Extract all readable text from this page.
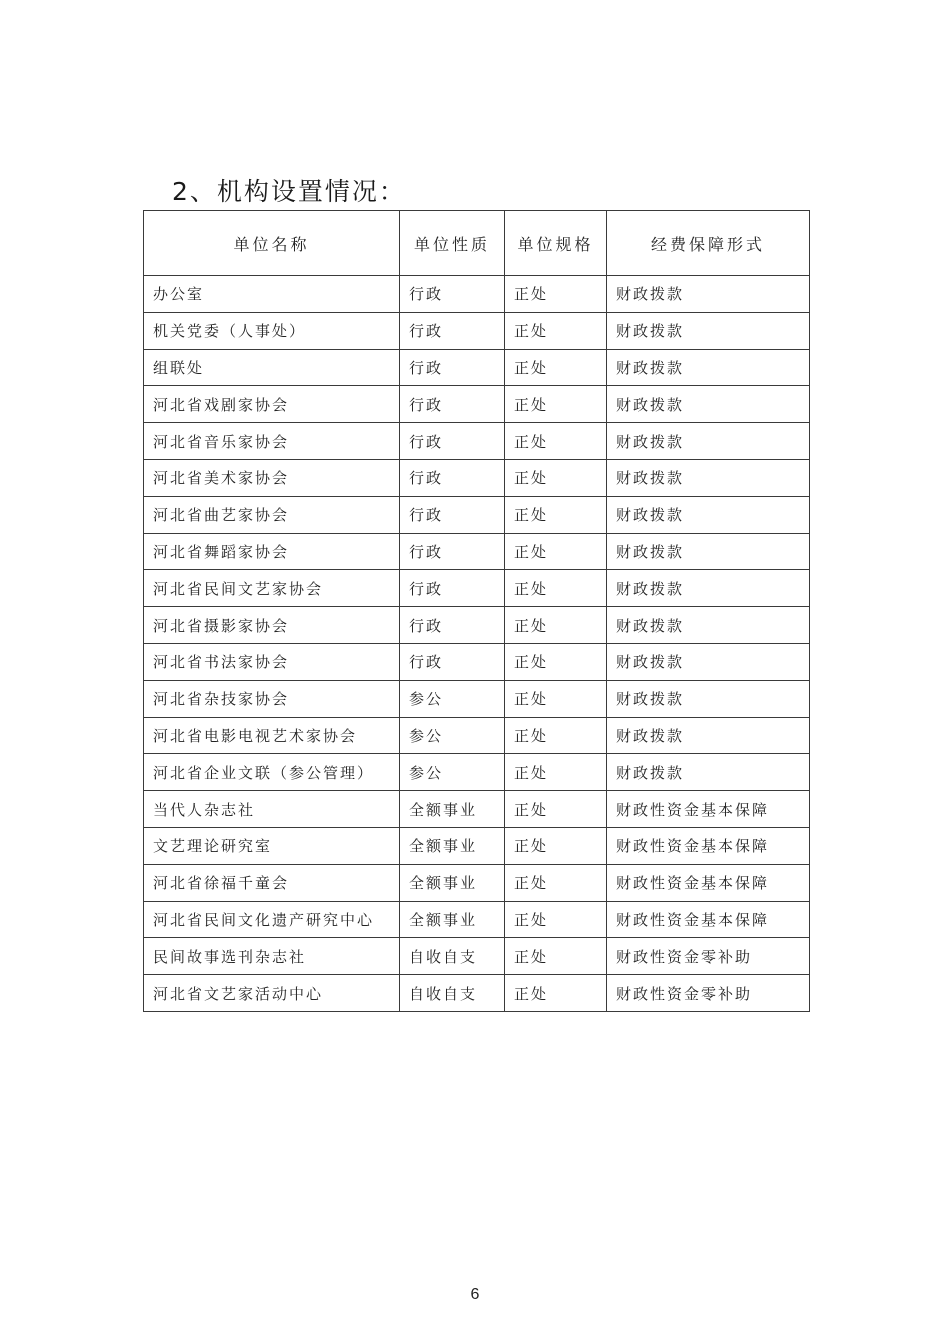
2、机构设置情况：
单位名称	单位性质	单位规格	经费保障形式
办公室	行政	正处	财政拨款
机关党委（人事处）	行政	正处	财政拨款
组联处	行政	正处	财政拨款
河北省戏剧家协会	行政	正处	财政拨款
河北省音乐家协会	行政	正处	财政拨款
河北省美术家协会	行政	正处	财政拨款
河北省曲艺家协会	行政	正处	财政拨款
河北省舞蹈家协会	行政	正处	财政拨款
河北省民间文艺家协会	行政	正处	财政拨款
河北省摄影家协会	行政	正处	财政拨款
河北省书法家协会	行政	正处	财政拨款
河北省杂技家协会	参公	正处	财政拨款
河北省电影电视艺术家协会	参公	正处	财政拨款
河北省企业文联（参公管理）	参公	正处	财政拨款
当代人杂志社	全额事业	正处	财政性资金基本保障
文艺理论研究室	全额事业	正处	财政性资金基本保障
河北省徐福千童会	全额事业	正处	财政性资金基本保障
河北省民间文化遗产研究中心	全额事业	正处	财政性资金基本保障
民间故事选刊杂志社	自收自支	正处	财政性资金零补助
河北省文艺家活动中心	自收自支	正处	财政性资金零补助
6
